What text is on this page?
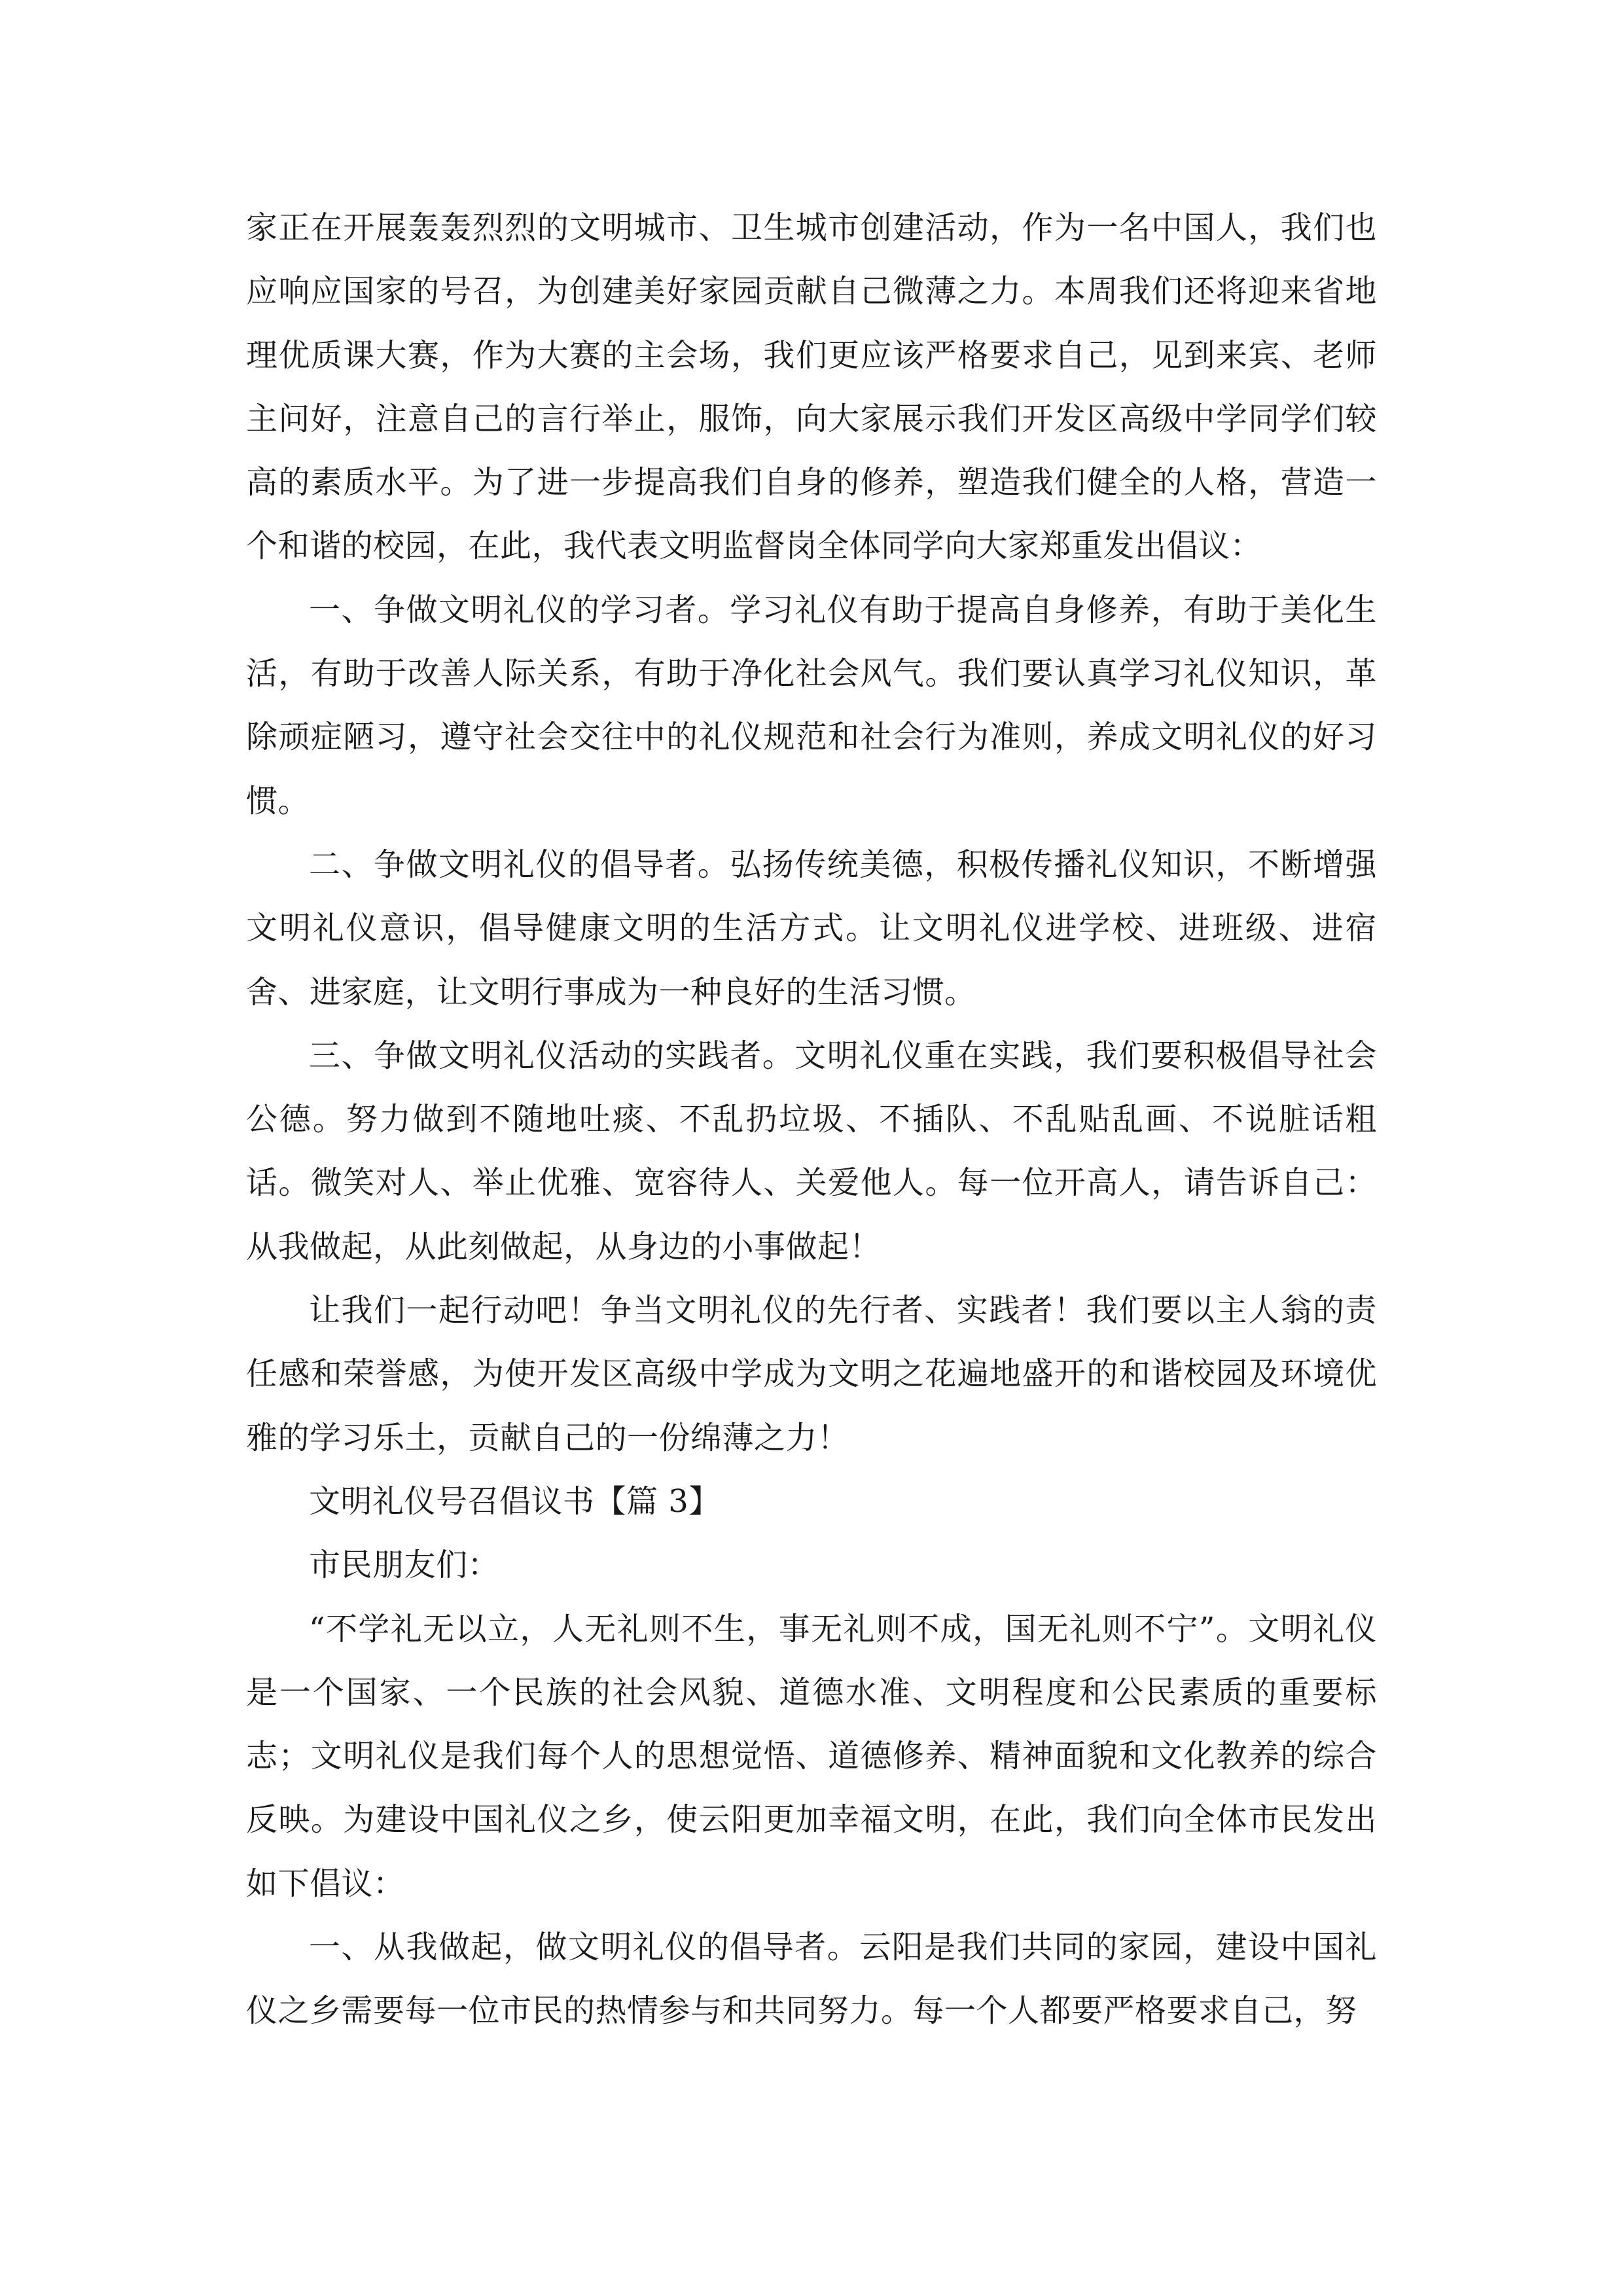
家正在开展轰轰烈烈的文明城市、卫生城市创建活动，作为一名中国人，我们也应响应国家的号召，为创建美好家园贡献自己微薄之力。本周我们还将迎来省地理优质课大赛，作为大赛的主会场，我们更应该严格要求自己，见到来宾、老师主问好，注意自己的言行举止，服饰，向大家展示我们开发区高级中学同学们较高的素质水平。为了进一步提高我们自身的修养，塑造我们健全的人格，营造一个和谐的校园，在此，我代表文明监督岗全体同学向大家郑重发出倡议：

一、争做文明礼仪的学习者。学习礼仪有助于提高自身修养，有助于美化生活，有助于改善人际关系，有助于净化社会风气。我们要认真学习礼仪知识，革除顽症陋习，遵守社会交往中的礼仪规范和社会行为准则，养成文明礼仪的好习惯。

二、争做文明礼仪的倡导者。弘扬传统美德，积极传播礼仪知识，不断增强文明礼仪意识，倡导健康文明的生活方式。让文明礼仪进学校、进班级、进宿舍、进家庭，让文明行事成为一种良好的生活习惯。

三、争做文明礼仪活动的实践者。文明礼仪重在实践，我们要积极倡导社会公德。努力做到不随地吐痰、不乱扔垃圾、不插队、不乱贴乱画、不说脏话粗话。微笑对人、举止优雅、宽容待人、关爱他人。每一位开高人，请告诉自己：从我做起，从此刻做起，从身边的小事做起！

让我们一起行动吧！争当文明礼仪的先行者、实践者！我们要以主人翁的责任感和荣誉感，为使开发区高级中学成为文明之花遍地盛开的和谐校园及环境优雅的学习乐土，贡献自己的一份绵薄之力！

文明礼仪号召倡议书【篇 3】

市民朋友们：

“不学礼无以立，人无礼则不生，事无礼则不成，国无礼则不宁”。文明礼仪是一个国家、一个民族的社会风貌、道德水准、文明程度和公民素质的重要标志；文明礼仪是我们每个人的思想觉悟、道德修养、精神面貌和文化教养的综合反映。为建设中国礼仪之乡，使云阳更加幸福文明，在此，我们向全体市民发出如下倡议：

一、从我做起，做文明礼仪的倡导者。云阳是我们共同的家园，建设中国礼仪之乡需要每一位市民的热情参与和共同努力。每一个人都要严格要求自己，努
